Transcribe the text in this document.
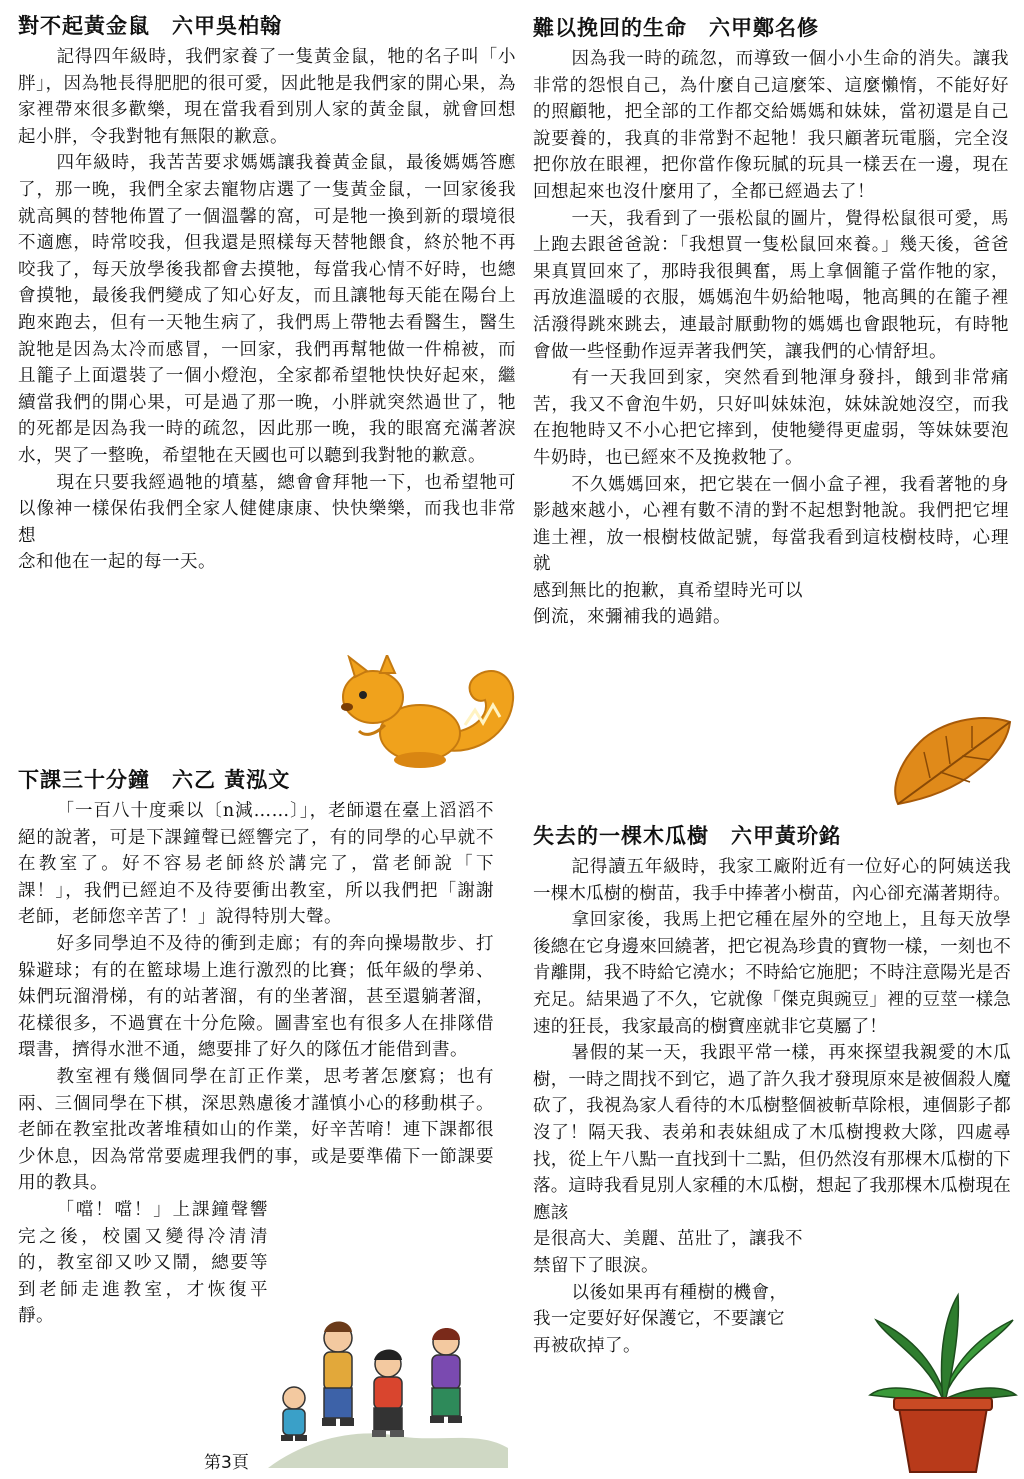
對不起黃金鼠　六甲吳柏翰

記得四年級時，我們家養了一隻黃金鼠，牠的名子叫「小胖」，因為牠長得肥肥的很可愛，因此牠是我們家的開心果，為家裡帶來很多歡樂，現在當我看到別人家的黃金鼠，就會回想起小胖，令我對牠有無限的歉意。

四年級時，我苦苦要求媽媽讓我養黃金鼠，最後媽媽答應了，那一晚，我們全家去寵物店選了一隻黃金鼠，一回家後我就高興的替牠佈置了一個溫馨的窩，可是牠一換到新的環境很不適應，時常咬我，但我還是照樣每天替牠餵食，終於牠不再咬我了，每天放學後我都會去摸牠，每當我心情不好時，也總會摸牠，最後我們變成了知心好友，而且讓牠每天能在陽台上跑來跑去，但有一天牠生病了，我們馬上帶牠去看醫生，醫生說牠是因為太冷而感冒，一回家，我們再幫牠做一件棉被，而且籠子上面還裝了一個小燈泡，全家都希望牠快快好起來，繼續當我們的開心果，可是過了那一晚，小胖就突然過世了，牠的死都是因為我一時的疏忽，因此那一晚，我的眼窩充滿著淚水，哭了一整晚，希望牠在天國也可以聽到我對牠的歉意。

現在只要我經過牠的墳墓，總會會拜牠一下，也希望牠可以像神一樣保佑我們全家人健健康康、快快樂樂，而我也非常想

念和他在一起的每一天。

下課三十分鐘　六乙 黃泓文

「一百八十度乘以〔n減……〕」，老師還在臺上滔滔不絕的說著，可是下課鐘聲已經響完了，有的同學的心早就不在教室了。好不容易老師終於講完了，當老師說「下課！」，我們已經迫不及待要衝出教室，所以我們把「謝謝老師，老師您辛苦了！」說得特別大聲。

好多同學迫不及待的衝到走廊；有的奔向操場散步、打躲避球；有的在籃球場上進行激烈的比賽；低年級的學弟、妹們玩溜滑梯，有的站著溜，有的坐著溜，甚至還躺著溜，花樣很多，不過實在十分危險。圖書室也有很多人在排隊借環書，擠得水泄不通，總要排了好久的隊伍才能借到書。

教室裡有幾個同學在訂正作業，思考著怎麼寫；也有兩、三個同學在下棋，深思熟慮後才謹慎小心的移動棋子。老師在教室批改著堆積如山的作業，好辛苦唷！連下課都很少休息，因為常常要處理我們的事，或是要準備下一節課要用的教具。

「噹！噹！」上課鐘聲響完之後，校園又變得冷清清的，教室卻又吵又鬧，總要等到老師走進教室，才恢復平靜。

難以挽回的生命　六甲鄭名修

因為我一時的疏忽，而導致一個小小生命的消失。讓我非常的怨恨自己，為什麼自己這麼笨、這麼懶惰，不能好好的照顧牠，把全部的工作都交給媽媽和妹妹，當初還是自己說要養的，我真的非常對不起牠！我只顧著玩電腦，完全沒把你放在眼裡，把你當作像玩膩的玩具一樣丟在一邊，現在回想起來也沒什麼用了，全都已經過去了！

一天，我看到了一張松鼠的圖片，覺得松鼠很可愛，馬上跑去跟爸爸說：「我想買一隻松鼠回來養。」幾天後，爸爸果真買回來了，那時我很興奮，馬上拿個籠子當作牠的家，再放進溫暖的衣服，媽媽泡牛奶給牠喝，牠高興的在籠子裡活潑得跳來跳去，連最討厭動物的媽媽也會跟牠玩，有時牠會做一些怪動作逗弄著我們笑，讓我們的心情舒坦。

有一天我回到家，突然看到牠渾身發抖，餓到非常痛苦，我又不會泡牛奶，只好叫妹妹泡，妹妹說她沒空，而我在抱牠時又不小心把它摔到，使牠變得更虛弱，等妹妹要泡牛奶時，也已經來不及挽救牠了。

不久媽媽回來，把它裝在一個小盒子裡，我看著牠的身影越來越小，心裡有數不清的對不起想對牠說。我們把它埋進土裡，放一根樹枝做記號，每當我看到這枝樹枝時，心理就

感到無比的抱歉，真希望時光可以

倒流，來彌補我的過錯。

失去的一棵木瓜樹　六甲黃玠銘

記得讀五年級時，我家工廠附近有一位好心的阿姨送我一棵木瓜樹的樹苗，我手中捧著小樹苗，內心卻充滿著期待。

拿回家後，我馬上把它種在屋外的空地上，且每天放學後總在它身邊來回繞著，把它視為珍貴的寶物一樣，一刻也不肯離開，我不時給它澆水；不時給它施肥；不時注意陽光是否充足。結果過了不久，它就像「傑克與豌豆」裡的豆莖一樣急速的狂長，我家最高的樹寶座就非它莫屬了！

暑假的某一天，我跟平常一樣，再來探望我親愛的木瓜樹，一時之間找不到它，過了許久我才發現原來是被個殺人魔砍了，我視為家人看待的木瓜樹整個被斬草除根，連個影子都沒了！隔天我、表弟和表妹組成了木瓜樹搜救大隊，四處尋找，從上午八點一直找到十二點，但仍然沒有那棵木瓜樹的下落。這時我看見別人家種的木瓜樹，想起了我那棵木瓜樹現在應該

是很高大、美麗、茁壯了，讓我不

禁留下了眼淚。

以後如果再有種樹的機會，

我一定要好好保護它，不要讓它

再被砍掉了。

第3頁
